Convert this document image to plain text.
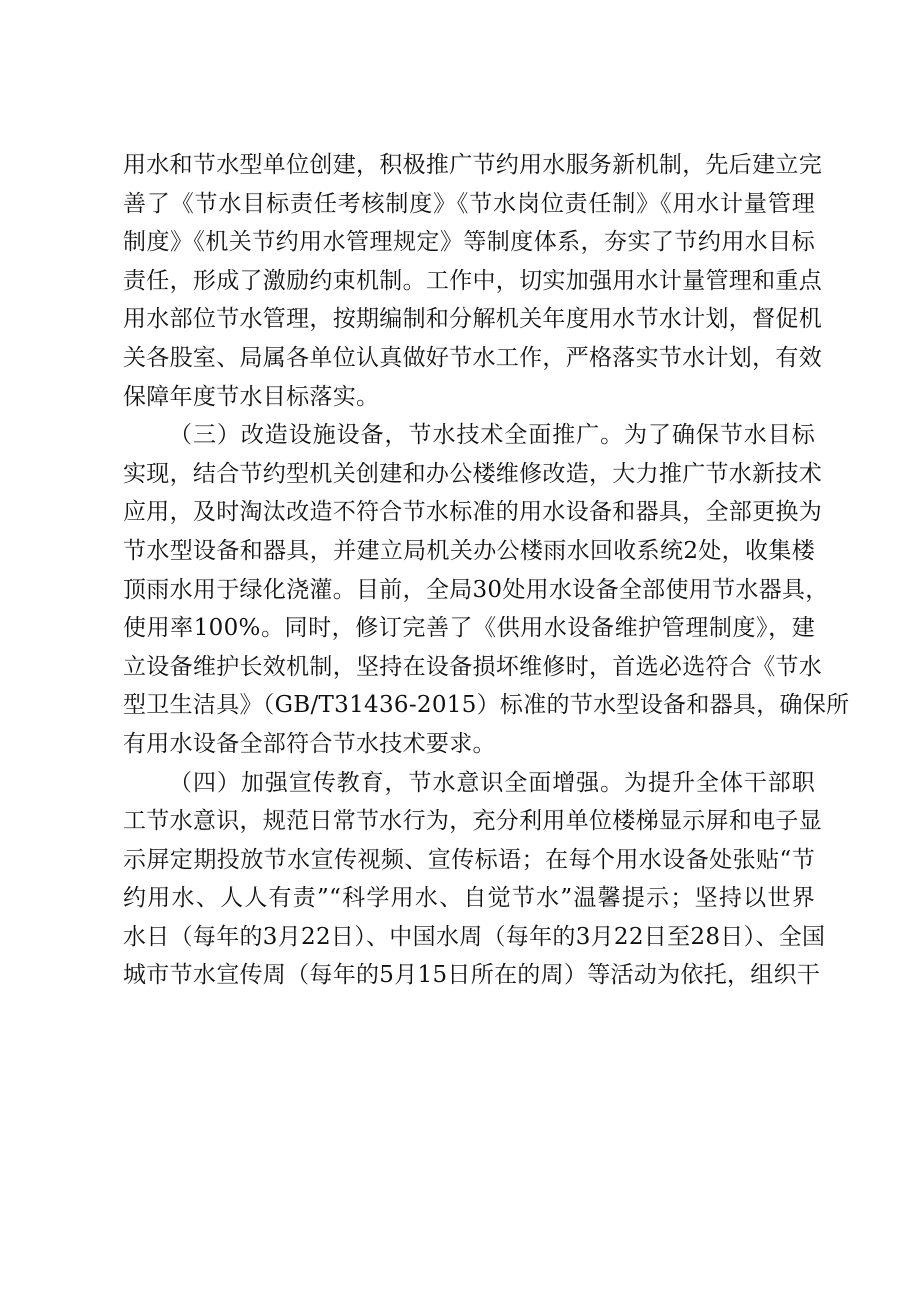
用水和节水型单位创建，积极推广节约用水服务新机制，先后建立完
善了《节水目标责任考核制度》《节水岗位责任制》《用水计量管理
制度》《机关节约用水管理规定》等制度体系，夯实了节约用水目标
责任，形成了激励约束机制。工作中，切实加强用水计量管理和重点
用水部位节水管理，按期编制和分解机关年度用水节水计划，督促机
关各股室、局属各单位认真做好节水工作，严格落实节水计划，有效
保障年度节水目标落实。
（三）改造设施设备，节水技术全面推广。为了确保节水目标
实现，结合节约型机关创建和办公楼维修改造，大力推广节水新技术
应用，及时淘汰改造不符合节水标准的用水设备和器具，全部更换为
节水型设备和器具，并建立局机关办公楼雨水回收系统2处，收集楼
顶雨水用于绿化浇灌。目前，全局30处用水设备全部使用节水器具，
使用率100%。同时，修订完善了《供用水设备维护管理制度》，建
立设备维护长效机制，坚持在设备损坏维修时，首选必选符合《节水
型卫生洁具》（GB/T31436-2015）标准的节水型设备和器具，确保所
有用水设备全部符合节水技术要求。
（四）加强宣传教育，节水意识全面增强。为提升全体干部职
工节水意识，规范日常节水行为，充分利用单位楼梯显示屏和电子显
示屏定期投放节水宣传视频、宣传标语；在每个用水设备处张贴“节
约用水、人人有责”“科学用水、自觉节水”温馨提示；坚持以世界
水日（每年的3月22日）、中国水周（每年的3月22日至28日）、全国
城市节水宣传周（每年的5月15日所在的周）等活动为依托，组织干
